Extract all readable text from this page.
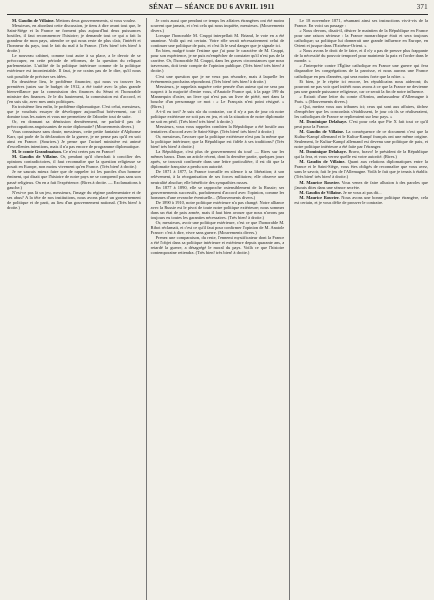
SÉNAT — SÉANCE DU 6 AVRIL 1911	371

M. Gaudin de Villaine. Mettons deux gouvernements, si vous voulez.

Messieurs, en abordant cette discussion, je tiens à dire avant tout que, le Saint-Siège et la France ne forment plus aujourd'hui deux puissances hostiles, il faut recommencer l'histoire; je demande tout ce qui a fait la grandeur de mon pays, attendre ce qui nous reste de plus clair, l'intérêt et l'honneur du pays, tout le fait du mal à la France. (Très bien! très bien! à droite.)

Le nouveau cabinet, comme tout autre à sa place, a le devoir de se préoccuper, en cette période de réformes, de la question du reliquat parlementaire. L'utilité de la politique intérieure comme de la politique extérieure est incontestable. Il faut, je ne crains pas de le dire, qu'il nous soit possible de préciser ses idées.

En deuxième lieu, le problème financier, qui nous va trouver les premières justes sur le budget de 1912, a été traité avec la plus grande bienveillance par la commission des finances du Sénat et l'honorable ministre des finances. Je le dis hautement, la commission est d'accord, et j'en suis sûr, avec mes amis politiques.

En troisième lieu enfin, le problème diplomatique. C'est celui, messieurs, que je voudrais essayer de développer aujourd'hui brièvement, car il domine tous les autres et vous me permettrez de l'aborder tout de suite.

Or, en donnant sa démission dernièrement, ne parlait-il pas de préoccupations angoissantes de notre diplomatie? (Mouvements divers.)

Vous connaissez sans doute, messieurs, cette petite fantaisie d'Alphonse Karr, qui parle de la déclaration de la guerre, je ne pense pas qu'il en soit ainsi en France. (Sourires.) Je pense que l'actuel ministère est animé d'excellentes intentions, mais il n'a pas encore de programme diplomatique.

M. le comte Grandmaison. Ce n'est certes pas en France!

M. Gaudin de Villaine. Or, pendant qu'il cherchait à concilier des opinions contradictoires, il faut reconnaître que la question religieuse se posait en Europe, non moins vivement qu'en France. (Très bien! à droite.)

Je ne saurais mieux faire que de rappeler ici les paroles d'un homme éminent, qui disait que l'histoire de notre pays ne se comprend pas sans son passé religieux. On en a fait l'expérience. (Rires à droite. — Exclamations à gauche.)

N'est-ce pas là un jeu, messieurs, l'image du régime parlementaire et de ses abus? A la tête de nos institutions, nous avons placé un gouvernement de politique et de parti, au lieu d'un gouvernement national. (Très bien! à droite.)

Je crois aussi que pendant ce temps les affaires étrangères ont été moins souvent que jamais, et c'est cela qui nous inquiète, messieurs. (Mouvements divers.)

Lorsque l'honorable M. Cruppi interpellait M. Briand, le vote en a été unanime. Voilà qui est certain. Votre rôle serait nécessairement celui de continuer une politique de paix, et c'est là le seul danger que je signale ici.

En bien, malgré toute l'estime que j'ai pour le caractère de M. Cruppi, pour son expérience, je ne puis m'empêcher de constater qu'il n'est pas de la carrière. Or, l'honorable M. Cruppi, dans les graves circonstances que nous traversons, doit tenir compte de l'opinion publique. (Très bien! très bien! à droite.)

C'est une question que je ne veux pas résoudre, mais à laquelle les événements prochains répondront. (Très bien! très bien! à droite.)

Messieurs, je rappelais naguère cette pensée d'un auteur qui ne sera pas suspect à la majorité d'entre vous, d'Anatole France qui, à la page 199 du Mannequin d'osier, un livre qui n'est pas un livre de piété, met dans la bouche d'un personnage ce mot : « Le Français n'est point résigné. » (Rires.)

A-t-il eu tort? Je suis sûr du contraire, car il n'y a pas de jour où notre politique extérieure ne soit pas en jeu, et où la situation de notre diplomatie ne soit en péril. (Très bien! très bien! à droite.)

Messieurs, vous vous rappelez combien la République a été hostile aux tentatives d'accord avec le Saint-Siège. (Très bien! très bien! à droite.)

Or, messieurs, l'avouer que la politique extérieure n'est pas la même que la politique intérieure; que la République est fidèle à ses traditions? (Très bien! très bien! à droite.)

La République, c'est plus de gouvernement du tout! — Rires sur les mêmes bancs. Dans un article récent, dont la dernière partie, quelques jours après, se trouvait confirmée dans une lettre particulière, il est dit que la diplomatie française a perdu son autorité.

De 1871 à 1877, la France travaille en silence à sa libération; à son relèvement, à la réorganisation de ses forces militaires; elle observe une neutralité absolue; elle bénéficie des sympathies russes.

En 1877 à 1890, elle se rapproche ostensiblement de la Russie; ses gouvernements successifs, parfaitement d'accord avec l'opinion, comme les hommes d'une revanche éventuelle... (Mouvements divers.)

De 1890 à 1910, notre politique extérieure n'a pas changé. Notre alliance avec la Russie est le pivot de toute notre politique extérieure; nous sommes dans un état de paix armée, mais il faut bien avouer que nous n'avons pas toujours eu toutes les garanties nécessaires. (Très bien! à droite.)

Or, messieurs, avoir une politique extérieure, c'est ce que l'honorable M. Ribot réclamait, et c'est ce qu'il faut pour confirmer l'opinion de M. Anatole France: c'est à dire, vivre sans guerre. (Mouvements divers.)

Prenez une comparaison, du reste, l'ennemi mystificateur dont la France a été l'objet dans sa politique intérieure et extérieure depuis quarante ans, a retardé la guerre, a désagrégé le moral du pays. Voilà ce que l'histoire contemporaine retiendra. (Très bien! très bien! à droite.)

Le 18 novembre 1871, résumant ainsi ses instructions vis-à-vis de la France. En voici un passage :

« Nous devons, disait-il, désirer le maintien de la République en France pour une raison sérieuse : la France monarchique était et sera toujours catholique; sa politique lui donnerait une grande influence en Europe, en Orient et jusque dans l'Extrême-Orient. »

« Nous avons le droit de le faire, et il n'y a pas de preuve plus frappante de la nécessité du pouvoir temporel pour maintenir la paix et l'ordre dans le monde. »

« J'interprète contre l'Église catholique en France une guerre qui fera disparaître les congrégations de la paroisse, et nous aurons une France catholique en peu d'années, qui sera moins forte que la nôtre. »

Et bien, je le répète ici encore, les républicains nous aideront; ils pourront ne pas voir quel intérêt nous avons à ce que la France ne devienne pas une grande puissance religieuse, car ce serait la fin de notre influence.

« Extrait d'une lettre du comte d'Arnim, ambassadeur d'Allemagne à Paris. » (Mouvements divers.)

« Qui, mettez vous aux tribunes ici; ceux qui sont aux affaires, tâchez d'empêcher que les concordats s'établissent, le jour où ils se réaliseraient, les catholiques de France se replieraient sur leur pays. »

M. Dominique Delahaye. C'est pour cela que Pie X fait tout ce qu'il peut pour la France.

M. Gaudin de Villaine. La conséquence de ce document c'est que la Kultur-Kampf allemand et le Kultur-Kampf français ont une même origine. Seulement, le Kultur-Kampf allemand est devenu une politique de paix, et notre politique intérieure a été faite par l'étranger.

M. Dominique Delahaye. Bravo, bravo! le président de la République qui la fera, et vous verrez quelle est votre autorité. (Rires.)

M. Gaudin de Villaine. Quant aux relations diplomatiques entre la France et le Saint-Siège, vous êtes obligés de reconnaître que vous avez, sans le savoir, fait le jeu de l'Allemagne. Voilà le fait que je tenais à établir. (Très bien! très bien! à droite.)

M. Maurice Rouvier. Vous venez de faire allusion à des paroles que j'aurais dites dans une séance secrète.

M. Gaudin de Villaine. Je ne vous ai pas dit...

M. Maurice Rouvier. Nous avons une bonne politique étrangère, cela est certain, et je vous défie de prouver le contraire.
